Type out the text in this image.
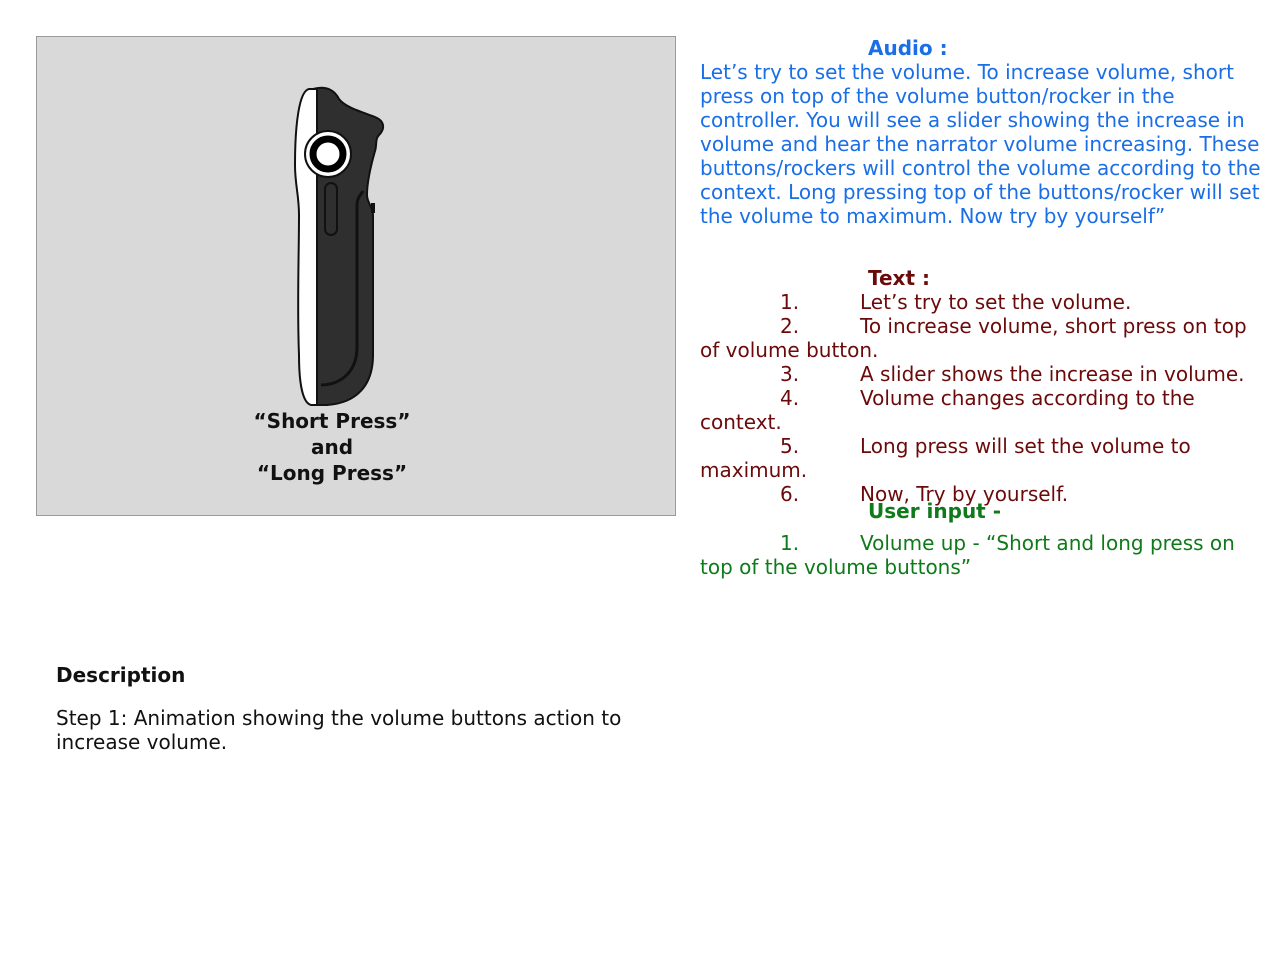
“Short Press”
and
“Long Press”
Audio :

Let’s try to set the volume. To increase volume, short press on top of the volume button/rocker in the controller. You will see a slider showing the increase in volume and hear the narrator volume increasing. These buttons/rockers will control the volume according to the context. Long pressing top of the buttons/rocker will set the volume to maximum. Now try by yourself”

Text :
1.	Let’s try to set the volume.
2.	To increase volume, short press on top of volume button.
3.	A slider shows the increase in volume.
4.	Volume changes according to the context.
5.	Long press will set the volume to maximum.
6.	Now, Try by yourself.
User input -
1.	Volume up - “Short and long press on top of the volume buttons”
Description
Step 1: Animation showing the volume buttons action to increase volume.
